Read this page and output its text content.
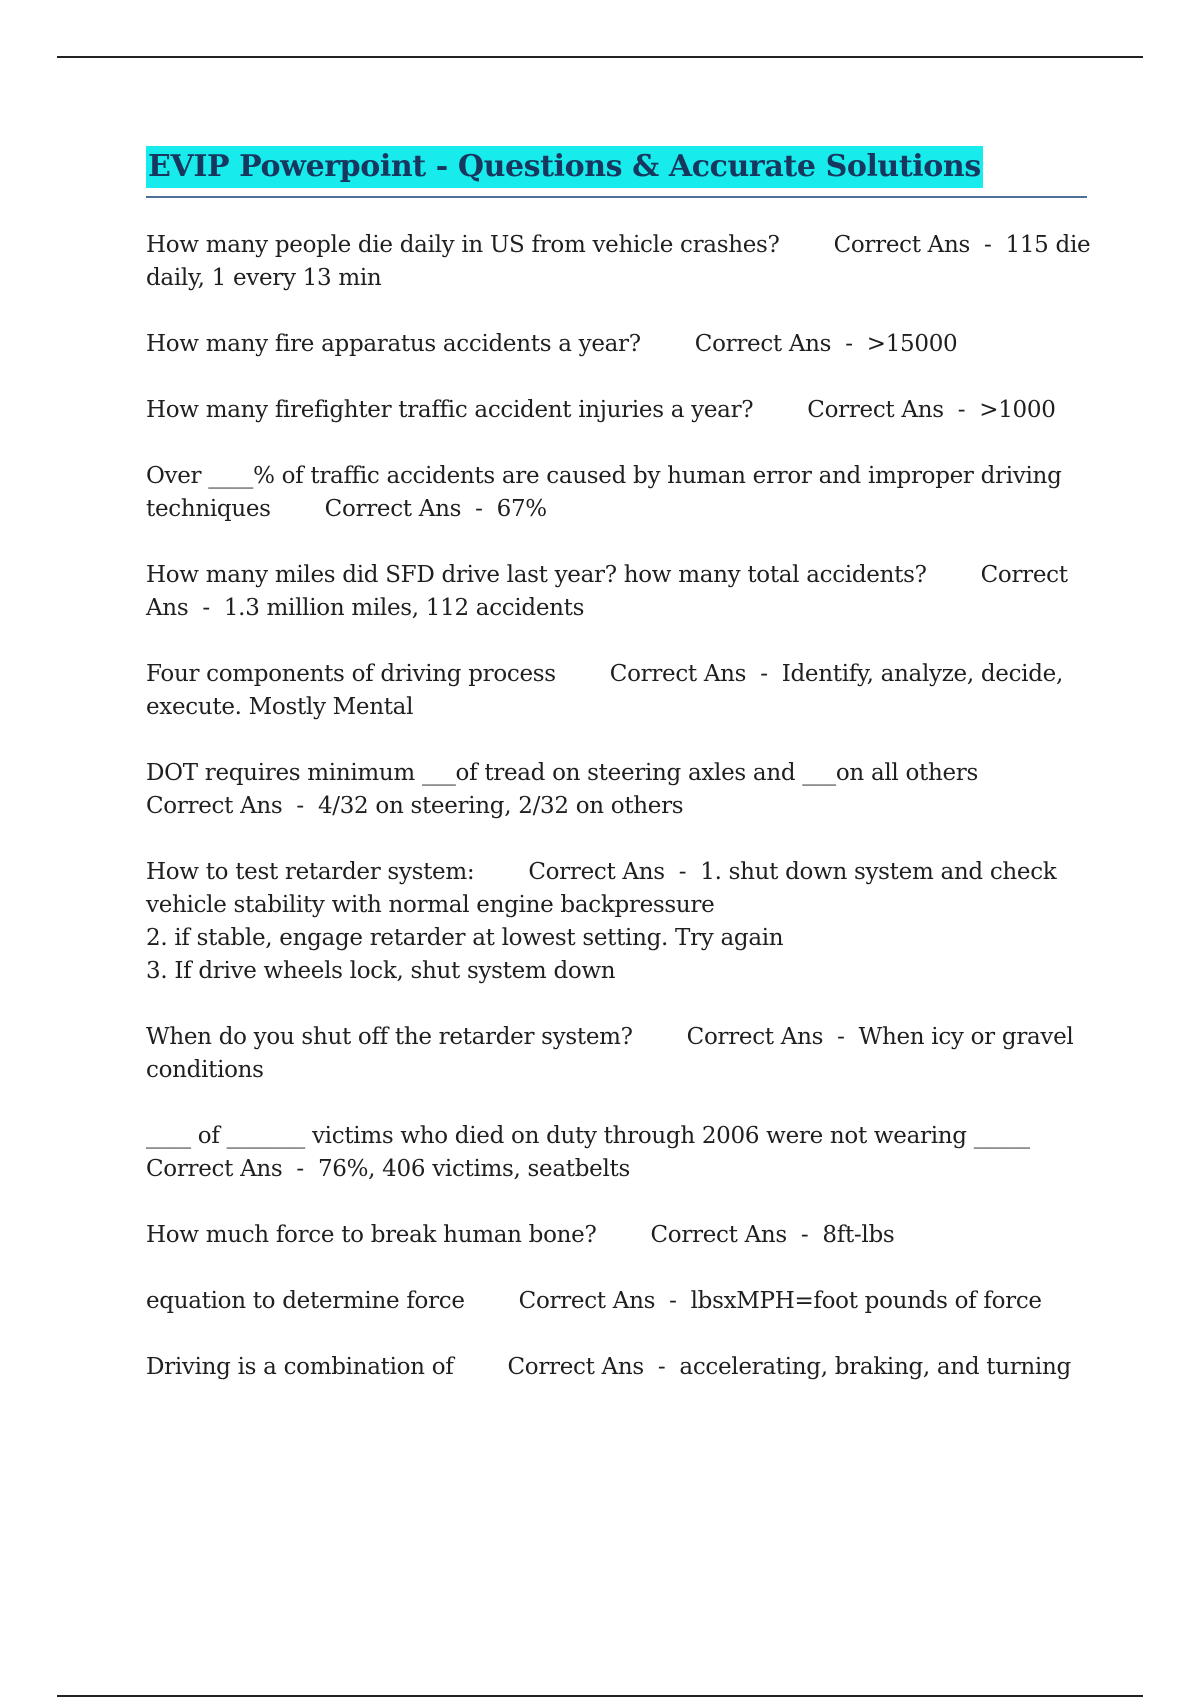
EVIP Powerpoint - Questions & Accurate Solutions

How many people die daily in US from vehicle crashes? Correct Ans  -  115 die daily, 1 every 13 min

How many fire apparatus accidents a year? Correct Ans  -  >15000

How many firefighter traffic accident injuries a year? Correct Ans  -  >1000

Over ____% of traffic accidents are caused by human error and improper driving techniques Correct Ans  -  67%

How many miles did SFD drive last year? how many total accidents? Correct Ans  -  1.3 million miles, 112 accidents

Four components of driving process Correct Ans  -  Identify, analyze, decide, execute. Mostly Mental

DOT requires minimum ___of tread on steering axles and ___on all othersCorrect Ans  -  4/32 on steering, 2/32 on others

How to test retarder system: Correct Ans  -  1. shut down system and check vehicle stability with normal engine backpressure
2. if stable, engage retarder at lowest setting. Try again
3. If drive wheels lock, shut system down

When do you shut off the retarder system? Correct Ans  -  When icy or gravel conditions

____ of _______ victims who died on duty through 2006 were not wearing _____Correct Ans  -  76%, 406 victims, seatbelts

How much force to break human bone? Correct Ans  -  8ft-lbs

equation to determine force Correct Ans  -  lbsxMPH=foot pounds of force

Driving is a combination of Correct Ans  -  accelerating, braking, and turning
